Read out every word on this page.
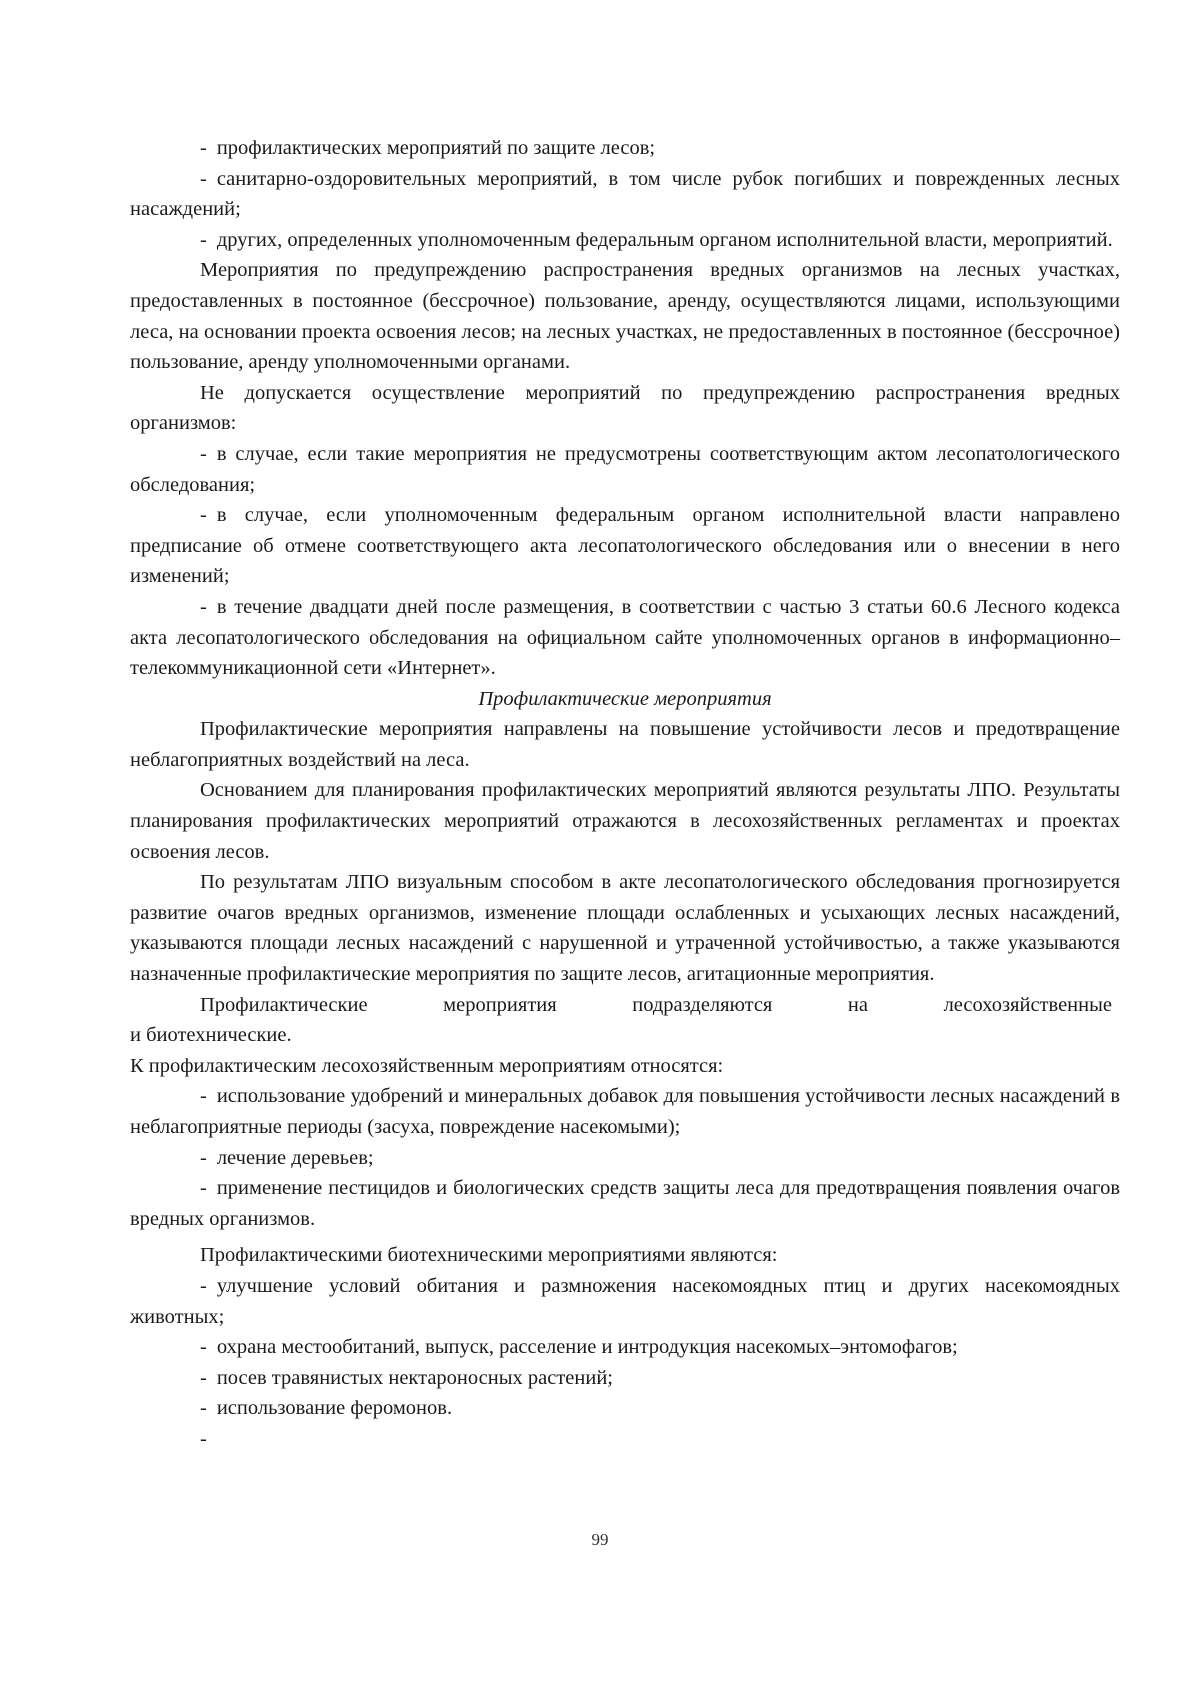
- профилактических мероприятий по защите лесов;

- санитарно-оздоровительных мероприятий, в том числе рубок погибших и поврежденных лесных насаждений;

- других, определенных уполномоченным федеральным органом исполнительной власти, мероприятий.

Мероприятия по предупреждению распространения вредных организмов на лесных участках, предоставленных в постоянное (бессрочное) пользование, аренду, осуществляются лицами, использующими леса, на основании проекта освоения лесов; на лесных участках, не предоставленных в постоянное (бессрочное) пользование, аренду уполномоченными органами.

Не допускается осуществление мероприятий по предупреждению распространения вредных организмов:

- в случае, если такие мероприятия не предусмотрены соответствующим актом лесопатологического обследования;

- в случае, если уполномоченным федеральным органом исполнительной власти направлено предписание об отмене соответствующего акта лесопатологического обследования или о внесении в него изменений;

- в течение двадцати дней после размещения, в соответствии с частью 3 статьи 60.6 Лесного кодекса акта лесопатологического обследования на официальном сайте уполномоченных органов в информационно–телекоммуникационной сети «Интернет».

Профилактические мероприятия

Профилактические мероприятия направлены на повышение устойчивости лесов и предотвращение неблагоприятных воздействий на леса.

Основанием для планирования профилактических мероприятий являются результаты ЛПО. Результаты планирования профилактических мероприятий отражаются в лесохозяйственных регламентах и проектах освоения лесов.

По результатам ЛПО визуальным способом в акте лесопатологического обследования прогнозируется развитие очагов вредных организмов, изменение площади ослабленных и усыхающих лесных насаждений, указываются площади лесных насаждений с нарушенной и утраченной устойчивостью, а также указываются назначенные профилактические мероприятия по защите лесов, агитационные мероприятия.

Профилактические	мероприятия	подразделяются	на	лесохозяйственные

и биотехнические.

К профилактическим лесохозяйственным мероприятиям относятся:

- использование удобрений и минеральных добавок для повышения устойчивости лесных насаждений в неблагоприятные периоды (засуха, повреждение насекомыми);

- лечение деревьев;

- применение пестицидов и биологических средств защиты леса для предотвращения появления очагов вредных организмов.

Профилактическими биотехническими мероприятиями являются:

- улучшение условий обитания и размножения насекомоядных птиц и других насекомоядных животных;

- охрана местообитаний, выпуск, расселение и интродукция насекомых–энтомофагов;

- посев травянистых нектароносных растений;

- использование феромонов.

-

99
